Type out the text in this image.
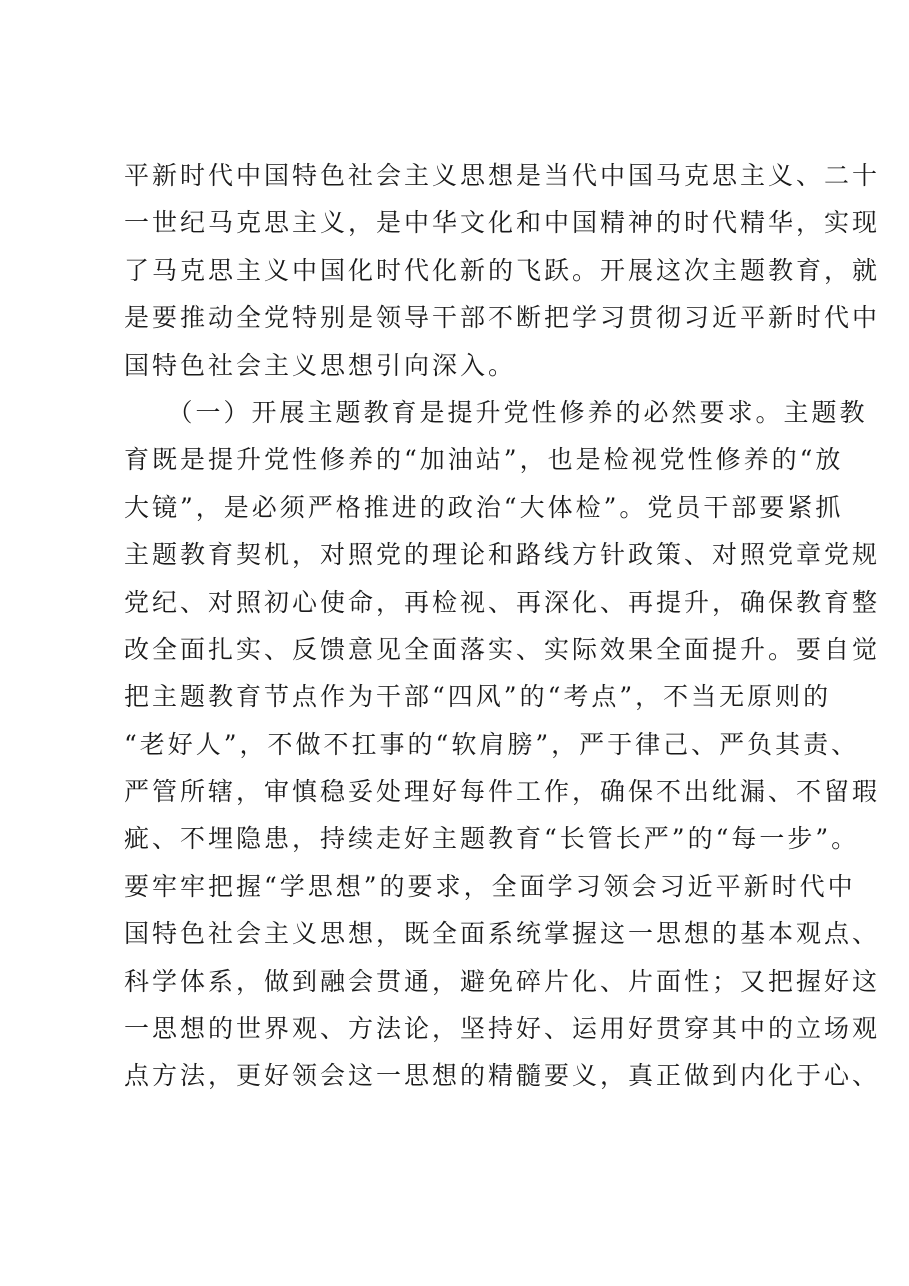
平新时代中国特色社会主义思想是当代中国马克思主义、二十
一世纪马克思主义，是中华文化和中国精神的时代精华，实现
了马克思主义中国化时代化新的飞跃。开展这次主题教育，就
是要推动全党特别是领导干部不断把学习贯彻习近平新时代中
国特色社会主义思想引向深入。
　　（一）开展主题教育是提升党性修养的必然要求。主题教
育既是提升党性修养的“加油站”，也是检视党性修养的“放
大镜”，是必须严格推进的政治“大体检”。党员干部要紧抓
主题教育契机，对照党的理论和路线方针政策、对照党章党规
党纪、对照初心使命，再检视、再深化、再提升，确保教育整
改全面扎实、反馈意见全面落实、实际效果全面提升。要自觉
把主题教育节点作为干部“四风”的“考点”，不当无原则的
“老好人”，不做不扛事的“软肩膀”，严于律己、严负其责、
严管所辖，审慎稳妥处理好每件工作，确保不出纰漏、不留瑕
疵、不埋隐患，持续走好主题教育“长管长严”的“每一步”。
要牢牢把握“学思想”的要求，全面学习领会习近平新时代中
国特色社会主义思想，既全面系统掌握这一思想的基本观点、
科学体系，做到融会贯通，避免碎片化、片面性；又把握好这
一思想的世界观、方法论，坚持好、运用好贯穿其中的立场观
点方法，更好领会这一思想的精髓要义，真正做到内化于心、
